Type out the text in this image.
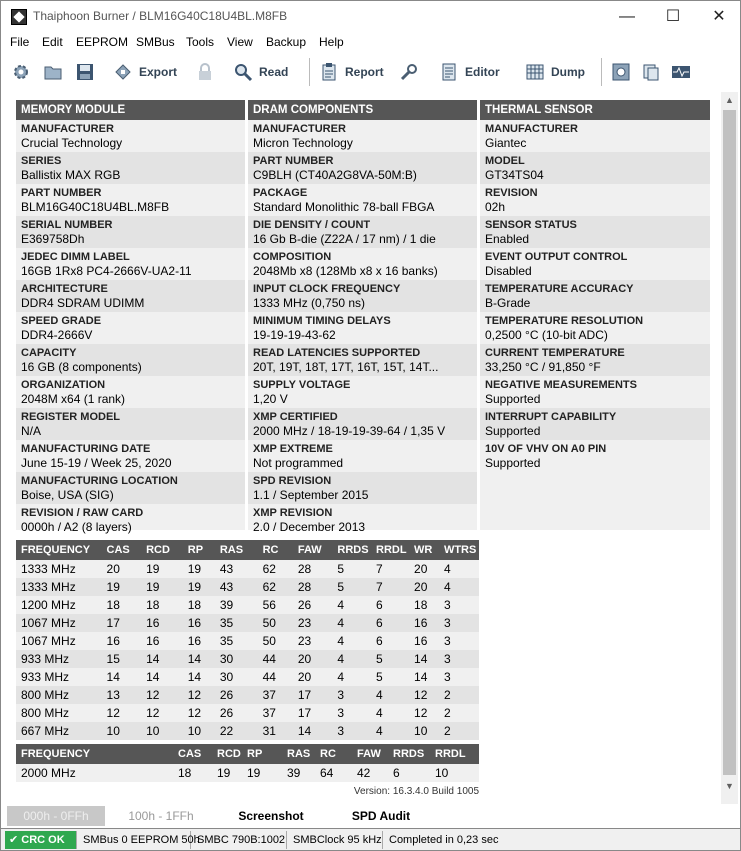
Thaiphoon Burner / BLM16G40C18U4BL.M8FB	—	☐	✕
File Edit EEPROM SMBus Tools View Backup Help
Export	Read	Report	Editor	Dump
MEMORY MODULE
MANUFACTURER
Crucial Technology
SERIES
Ballistix MAX RGB
PART NUMBER
BLM16G40C18U4BL.M8FB
SERIAL NUMBER
E369758Dh
JEDEC DIMM LABEL
16GB 1Rx8 PC4-2666V-UA2-11
ARCHITECTURE
DDR4 SDRAM UDIMM
SPEED GRADE
DDR4-2666V
CAPACITY
16 GB (8 components)
ORGANIZATION
2048M x64 (1 rank)
REGISTER MODEL
N/A
MANUFACTURING DATE
June 15-19 / Week 25, 2020
MANUFACTURING LOCATION
Boise, USA (SIG)
REVISION / RAW CARD
0000h / A2 (8 layers)
DRAM COMPONENTS
MANUFACTURER
Micron Technology
PART NUMBER
C9BLH (CT40A2G8VA-50M:B)
PACKAGE
Standard Monolithic 78-ball FBGA
DIE DENSITY / COUNT
16 Gb B-die (Z22A / 17 nm) / 1 die
COMPOSITION
2048Mb x8 (128Mb x8 x 16 banks)
INPUT CLOCK FREQUENCY
1333 MHz (0,750 ns)
MINIMUM TIMING DELAYS
19-19-19-43-62
READ LATENCIES SUPPORTED
20T, 19T, 18T, 17T, 16T, 15T, 14T...
SUPPLY VOLTAGE
1,20 V
XMP CERTIFIED
2000 MHz / 18-19-19-39-64 / 1,35 V
XMP EXTREME
Not programmed
SPD REVISION
1.1 / September 2015
XMP REVISION
2.0 / December 2013
THERMAL SENSOR
MANUFACTURER
Giantec
MODEL
GT34TS04
REVISION
02h
SENSOR STATUS
Enabled
EVENT OUTPUT CONTROL
Disabled
TEMPERATURE ACCURACY
B-Grade
TEMPERATURE RESOLUTION
0,2500 °C (10-bit ADC)
CURRENT TEMPERATURE
33,250 °C / 91,850 °F
NEGATIVE MEASUREMENTS
Supported
INTERRUPT CAPABILITY
Supported
10V OF VHV ON A0 PIN
Supported
FREQUENCY	CAS	RCD	RP	RAS	RC	FAW	RRDS	RRDL	WR	WTRS
1333 MHz	20	19	19	43	62	28	5	7	20	4
1333 MHz	19	19	19	43	62	28	5	7	20	4
1200 MHz	18	18	18	39	56	26	4	6	18	3
1067 MHz	17	16	16	35	50	23	4	6	16	3
1067 MHz	16	16	16	35	50	23	4	6	16	3
933 MHz	15	14	14	30	44	20	4	5	14	3
933 MHz	14	14	14	30	44	20	4	5	14	3
800 MHz	13	12	12	26	37	17	3	4	12	2
800 MHz	12	12	12	26	37	17	3	4	12	2
667 MHz	10	10	10	22	31	14	3	4	10	2
FREQUENCY		CAS	RCD	RP	RAS	RC	FAW	RRDS	RRDL
2000 MHz		18	19	19	39	64	42	6	10
Version: 16.3.4.0 Build 1005
▲
▼
000h - 0FFh	100h - 1FFh	Screenshot	SPD Audit
✔ CRC OK	SMBus 0 EEPROM 50h
SMBC 790B:1002 SMBClock 95 kHz Completed in 0,23 sec
